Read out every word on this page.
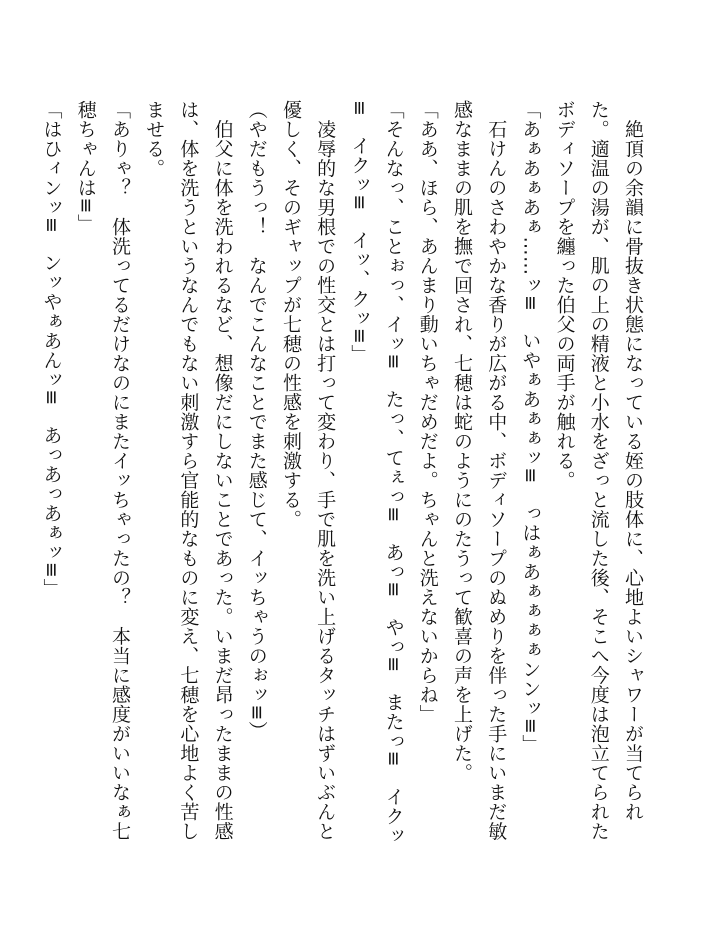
　絶頂の余韻に骨抜き状態になっている姪の肢体に、心地よいシャワーが当てられた。適温の湯が、肌の上の精液と小水をざっと流した後、そこへ今度は泡立てられたボディソープを纏った伯父の両手が触れる。

「あぁあぁあぁ……ッ≡　いやぁあぁぁッ≡　っはぁあぁぁぁぁンンッ≡」

　石けんのさわやかな香りが広がる中、ボディソープのぬめりを伴った手にいまだ敏感なままの肌を撫で回され、七穂は蛇のようにのたうって歓喜の声を上げた。

「ああ、ほら、あんまり動いちゃだめだよ。ちゃんと洗えないからね」

「そんなっ、ことぉっ、イッ≡　たっ、てぇっ≡　あっ≡　やっ≡　またっ≡　イクッ≡　イクッ≡　イッ、クッ≡」

　凌辱的な男根での性交とは打って変わり、手で肌を洗い上げるタッチはずいぶんと優しく、そのギャップが七穂の性感を刺激する。

（やだもうっ！　なんでこんなことでまた感じて、イッちゃうのぉッ≡）

　伯父に体を洗われるなど、想像だにしないことであった。いまだ昂ったままの性感は、体を洗うというなんでもない刺激すら官能的なものに変え、七穂を心地よく苦しませる。

「ありゃ？　体洗ってるだけなのにまたイッちゃったの？　本当に感度がいいなぁ七穂ちゃんは≡」

「はひィンッ≡　ンッやぁあんッ≡　あっあっあぁッ≡」
